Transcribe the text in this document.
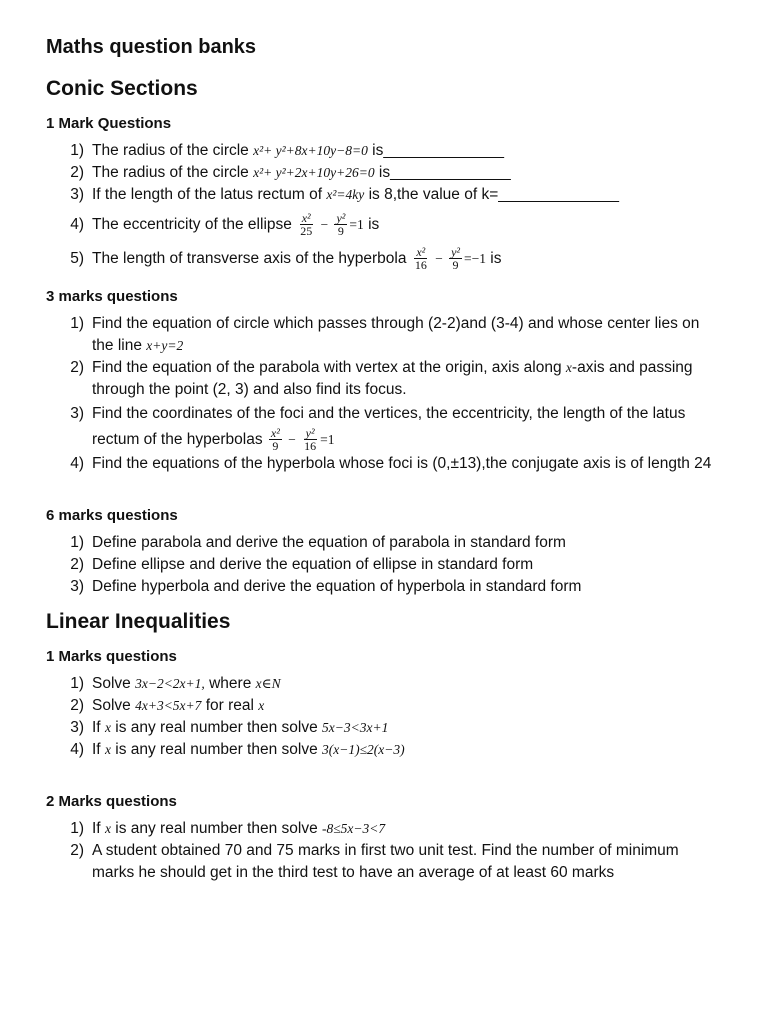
Maths question banks
Conic Sections
1 Mark Questions
1) The radius of the circle x²+ y²+8x+10y−8=0 is______________
2) The radius of the circle x²+ y²+2x+10y+26=0 is______________
3) If the length of the latus rectum of x²=4ky is 8,the value of k=______________
4) The eccentricity of the ellipse $\frac{\text{x²}}{25} - \frac{\text{y²}}{9} =1$ is
5) The length of transverse axis of the hyperbola $\frac{\text{x²}}{16} - \frac{\text{y²}}{9} =-1$ is
3 marks questions
1) Find the equation of circle which passes through (2-2)and (3-4) and whose center lies on the line x+y=2
2) Find the equation of the parabola with vertex at the origin, axis along x-axis and passing through the point (2, 3) and also find its focus.
3) Find the coordinates of the foci and the vertices, the eccentricity, the length of the latus rectum of the hyperbolas $\frac{\text{x²}}{9} - \frac{\text{y²}}{16} =1$
4) Find the equations of the hyperbola whose foci is (0,±13),the conjugate axis is of length 24
6 marks questions
1) Define parabola and derive the equation of parabola in standard form
2) Define ellipse and derive the equation of ellipse in standard form
3) Define hyperbola and derive the equation of hyperbola in standard form
Linear Inequalities
1 Marks questions
1) Solve 3x−2<2x+1, where x∈N
2) Solve 4x+3<5x+7 for real x
3) If x is any real number then solve 5x−3<3x+1
4) If x is any real number then solve 3(x−1)≤2(x−3)
2 Marks questions
1) If x is any real number then solve -8≤5x−3<7
2) A student obtained 70 and 75 marks in first two unit test. Find the number of minimum marks he should get in the third test to have an average of at least 60 marks
